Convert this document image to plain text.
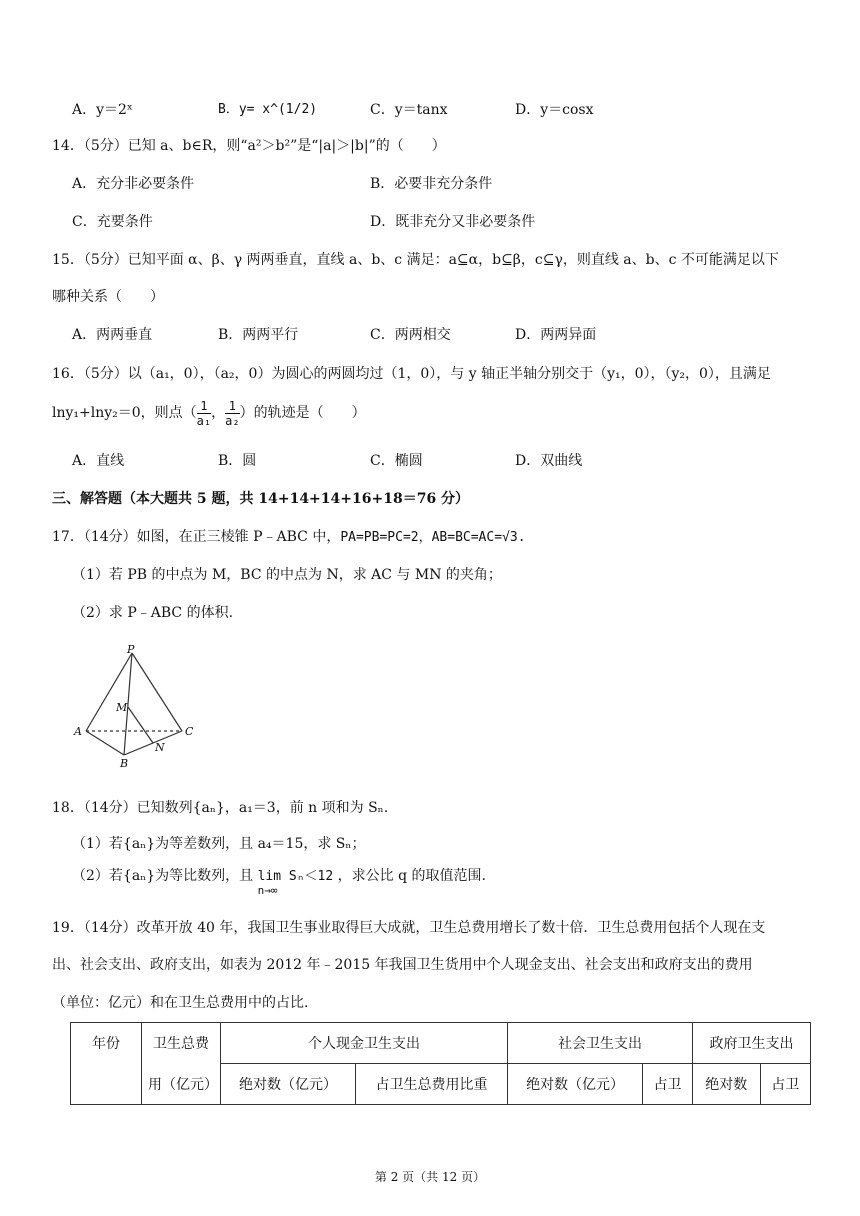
A．y＝2ˣ	B．y= x^(1/2)	C．y＝tanx	D．y＝cosx
14．（5分）已知 a、b∈R，则“a²＞b²”是“|a|＞|b|”的（　　）
A．充分非必要条件	B．必要非充分条件
C．充要条件	D．既非充分又非必要条件
15．（5分）已知平面 α、β、γ 两两垂直，直线 a、b、c 满足：a⊆α，b⊆β，c⊆γ，则直线 a、b、c 不可能满足以下
哪种关系（　　）
A．两两垂直	B．两两平行	C．两两相交	D．两两异面
16．（5分）以（a₁，0），（a₂，0）为圆心的两圆均过（1，0），与 y 轴正半轴分别交于（y₁，0），（y₂，0），且满足
lny₁+lny₂＝0，则点（ $\frac{1}{\text{a₁}}$ ， $\frac{1}{\text{a₂}}$ ）的轨迹是（　　）
A．直线	B．圆	C．椭圆	D．双曲线
三、解答题（本大题共 5 题，共 14+14+14+16+18＝76 分）
17．（14分）如图，在正三棱锥 P﹣ABC 中，PA=PB=PC=2，AB=BC=AC=√3.
（1）若 PB 的中点为 M，BC 的中点为 N，求 AC 与 MN 的夹角；
（2）求 P﹣ABC 的体积.
P
M
A	C
N
B
18．（14分）已知数列{aₙ}，a₁＝3，前 n 项和为 Sₙ.
（1）若{aₙ}为等差数列，且 a₄＝15，求 Sₙ；
（2）若{aₙ}为等比数列，且 lim Sₙ＜12
n→∞
，求公比 q 的取值范围.
19．（14分）改革开放 40 年，我国卫生事业取得巨大成就，卫生总费用增长了数十倍．卫生总费用包括个人现在支
出、社会支出、政府支出，如表为 2012 年﹣2015 年我国卫生货用中个人现金支出、社会支出和政府支出的费用
（单位：亿元）和在卫生总费用中的占比.
年份	卫生总费	个人现金卫生支出		社会卫生支出		政府卫生支出	
	用（亿元）	绝对数（亿元）	占卫生总费用比重	绝对数（亿元）	占卫	绝对数	占卫
第 2 页（共 12 页）
